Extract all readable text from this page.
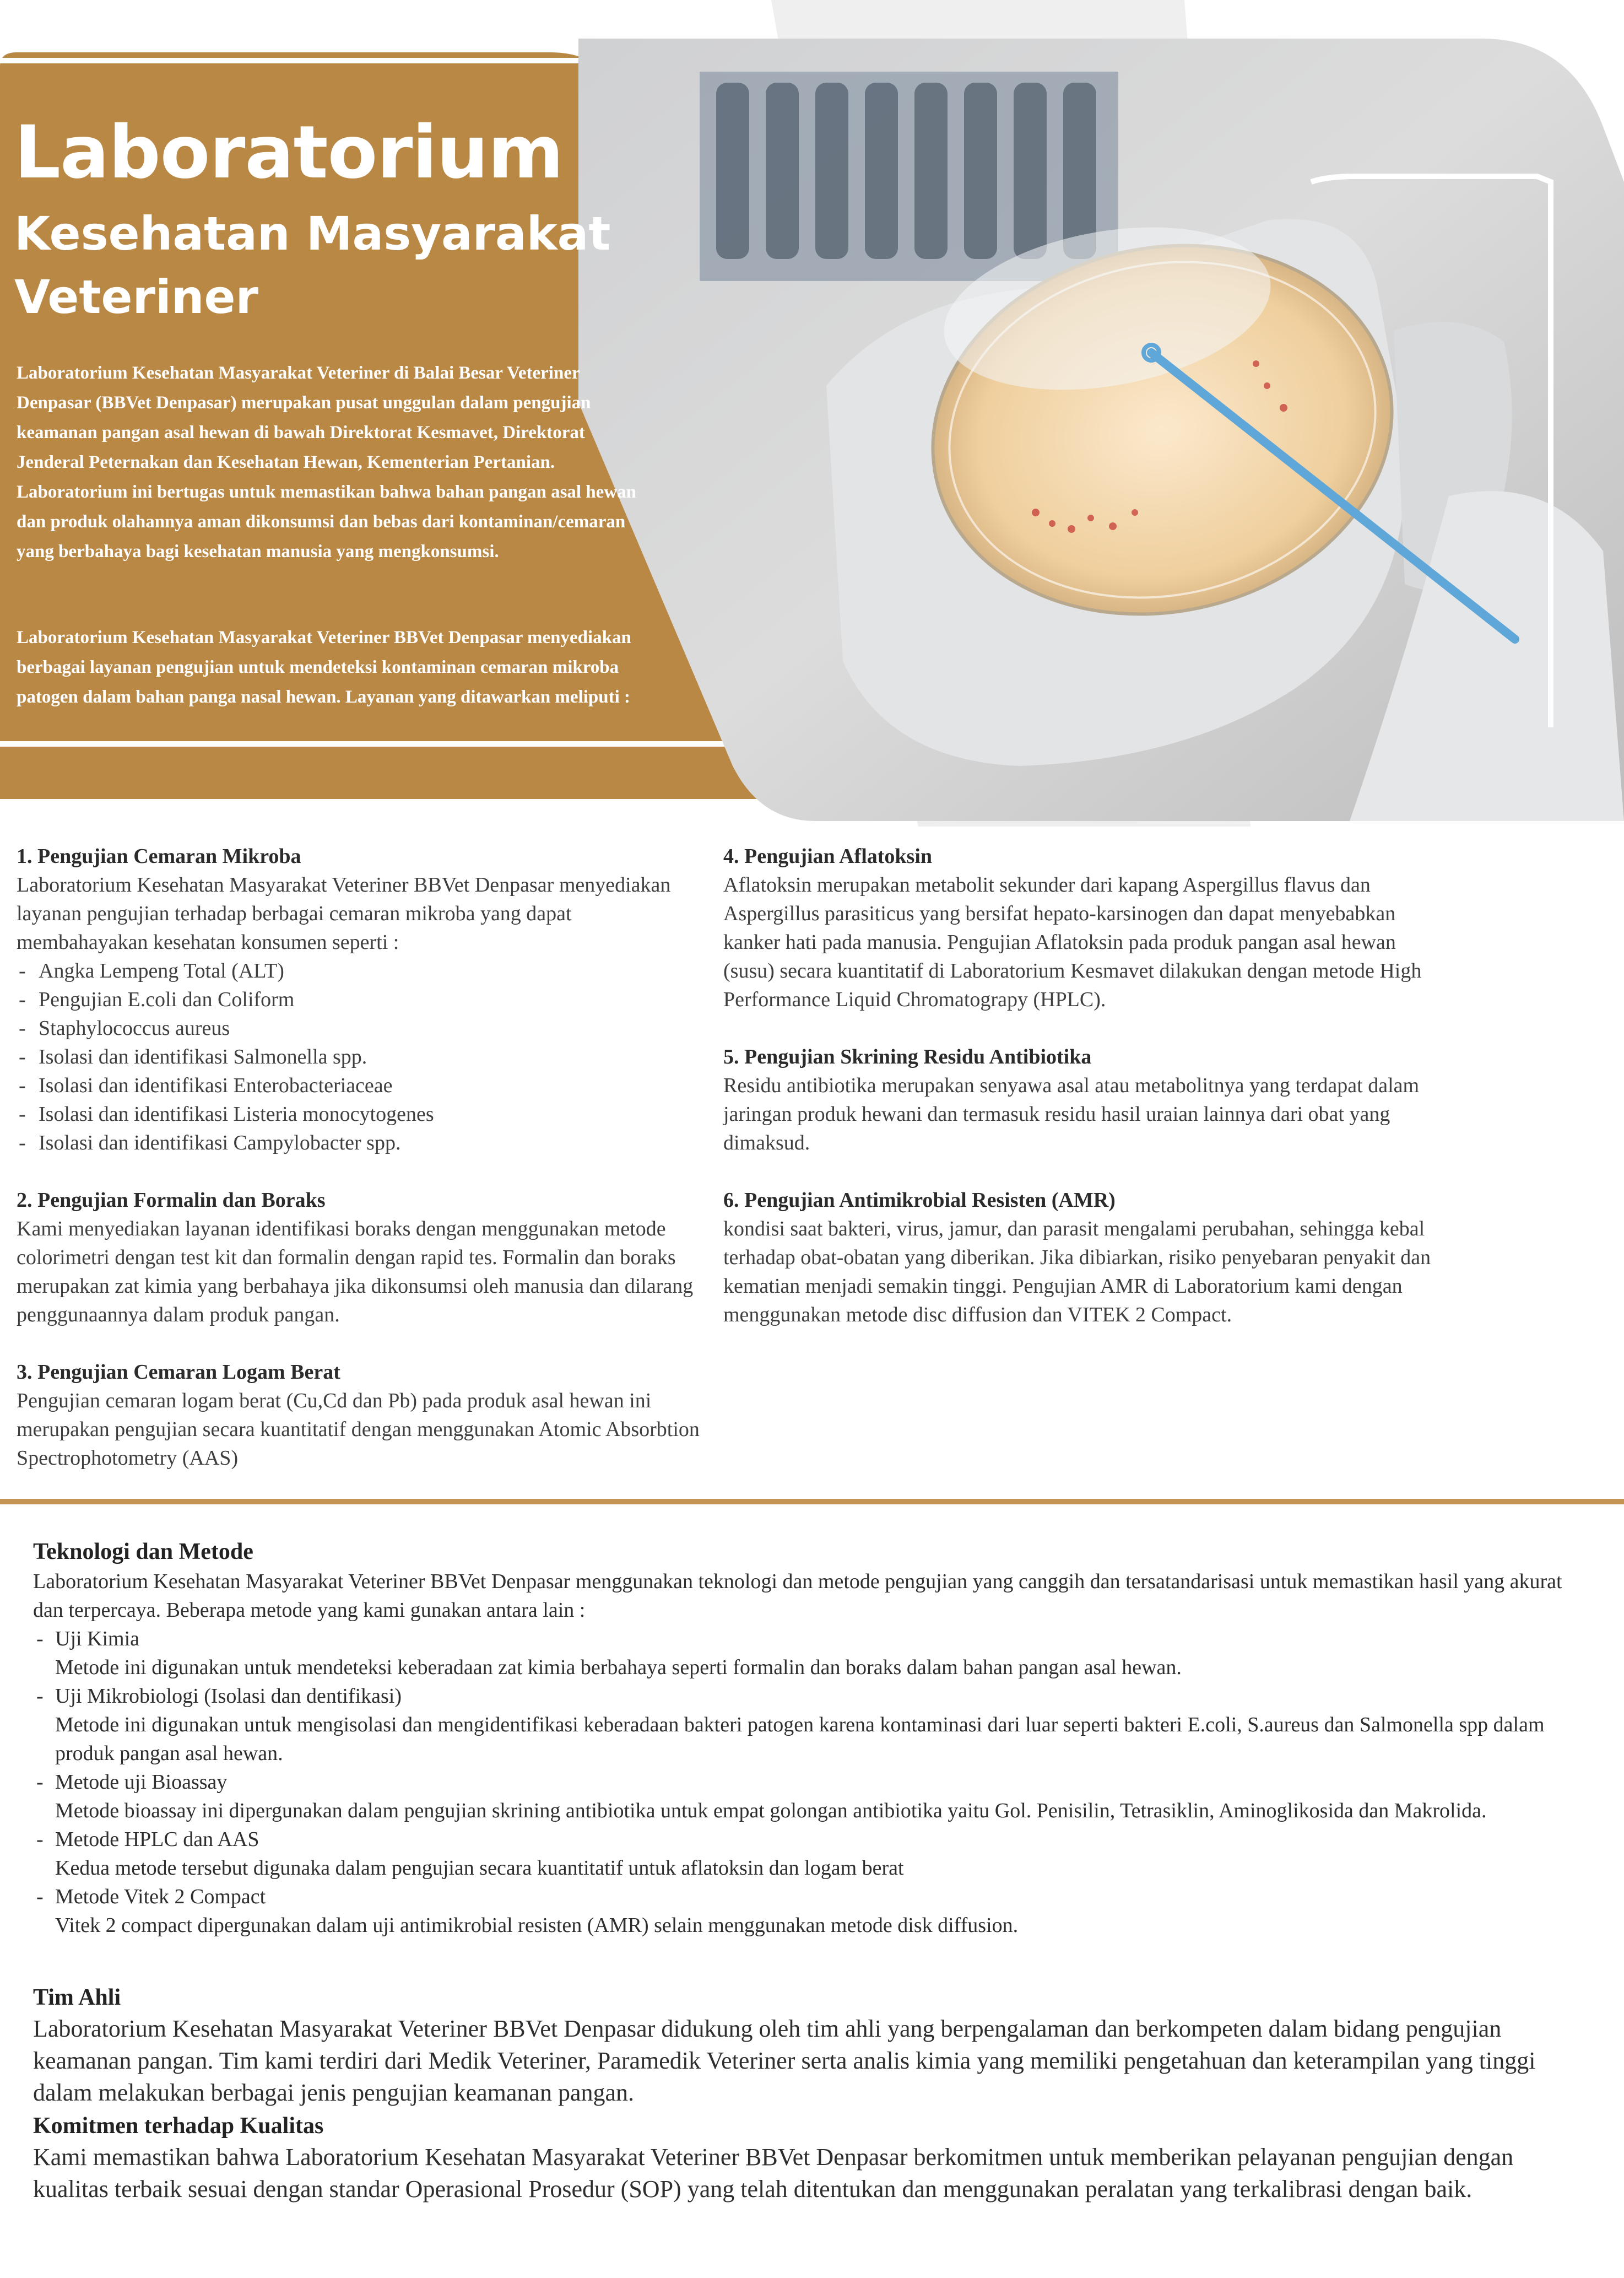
Laboratorium
Kesehatan Masyarakat
Veteriner
Laboratorium Kesehatan Masyarakat Veteriner di Balai Besar Veteriner Denpasar (BBVet Denpasar) merupakan pusat unggulan dalam pengujian keamanan pangan asal hewan di bawah Direktorat Kesmavet, Direktorat Jenderal Peternakan dan Kesehatan Hewan, Kementerian Pertanian. Laboratorium ini bertugas untuk memastikan bahwa bahan pangan asal hewan dan produk olahannya aman dikonsumsi dan bebas dari kontaminan/cemaran yang berbahaya bagi kesehatan manusia yang mengkonsumsi.
Laboratorium Kesehatan Masyarakat Veteriner BBVet Denpasar menyediakan berbagai layanan pengujian untuk mendeteksi kontaminan cemaran mikroba patogen dalam bahan panga nasal hewan. Layanan yang ditawarkan meliputi :
1. Pengujian Cemaran Mikroba
Laboratorium Kesehatan Masyarakat Veteriner BBVet Denpasar menyediakan layanan pengujian terhadap berbagai cemaran mikroba yang dapat membahayakan kesehatan konsumen seperti :
- Angka Lempeng Total (ALT)
- Pengujian E.coli dan Coliform
- Staphylococcus aureus
- Isolasi dan identifikasi Salmonella spp.
- Isolasi dan identifikasi Enterobacteriaceae
- Isolasi dan identifikasi Listeria monocytogenes
- Isolasi dan identifikasi Campylobacter spp.
2. Pengujian Formalin dan Boraks
Kami menyediakan layanan identifikasi boraks dengan menggunakan metode colorimetri dengan test kit dan formalin dengan rapid tes. Formalin dan boraks merupakan zat kimia yang berbahaya jika dikonsumsi oleh manusia dan dilarang penggunaannya dalam produk pangan.
3. Pengujian Cemaran Logam Berat
Pengujian cemaran logam berat (Cu,Cd dan Pb) pada produk asal hewan ini merupakan pengujian secara kuantitatif dengan menggunakan Atomic Absorbtion Spectrophotometry (AAS)
4. Pengujian Aflatoksin
Aflatoksin merupakan metabolit sekunder dari kapang Aspergillus flavus dan Aspergillus parasiticus yang bersifat hepato-karsinogen dan dapat menyebabkan kanker hati pada manusia. Pengujian Aflatoksin pada produk pangan asal hewan (susu) secara kuantitatif di Laboratorium Kesmavet dilakukan dengan metode High Performance Liquid Chromatograpy (HPLC).
5. Pengujian Skrining Residu Antibiotika
Residu antibiotika merupakan senyawa asal atau metabolitnya yang terdapat dalam jaringan produk hewani dan termasuk residu hasil uraian lainnya dari obat yang dimaksud.
6. Pengujian Antimikrobial Resisten (AMR)
kondisi saat bakteri, virus, jamur, dan parasit mengalami perubahan, sehingga kebal terhadap obat-obatan yang diberikan. Jika dibiarkan, risiko penyebaran penyakit dan kematian menjadi semakin tinggi. Pengujian AMR di Laboratorium kami dengan menggunakan metode disc diffusion dan VITEK 2 Compact.
Teknologi dan Metode
Laboratorium Kesehatan Masyarakat Veteriner BBVet Denpasar menggunakan teknologi dan metode pengujian yang canggih dan tersatandarisasi untuk memastikan hasil yang akurat dan terpercaya. Beberapa metode yang kami gunakan antara lain :
- Uji Kimia
Metode ini digunakan untuk mendeteksi keberadaan zat kimia berbahaya seperti formalin dan boraks dalam bahan pangan asal hewan.
- Uji Mikrobiologi (Isolasi dan dentifikasi)
Metode ini digunakan untuk mengisolasi dan mengidentifikasi keberadaan bakteri patogen karena kontaminasi dari luar seperti bakteri E.coli, S.aureus dan Salmonella spp dalam produk pangan asal hewan.
- Metode uji Bioassay
Metode bioassay ini dipergunakan dalam pengujian skrining antibiotika untuk empat golongan antibiotika yaitu Gol. Penisilin, Tetrasiklin, Aminoglikosida dan Makrolida.
- Metode HPLC dan AAS
Kedua metode tersebut digunaka dalam pengujian secara kuantitatif untuk aflatoksin dan logam berat
- Metode Vitek 2 Compact
Vitek 2 compact dipergunakan dalam uji antimikrobial resisten (AMR) selain menggunakan metode disk diffusion.
Tim Ahli
Laboratorium Kesehatan Masyarakat Veteriner BBVet Denpasar didukung oleh tim ahli yang berpengalaman dan berkompeten dalam bidang pengujian keamanan pangan. Tim kami terdiri dari Medik Veteriner, Paramedik Veteriner serta analis kimia yang memiliki pengetahuan dan keterampilan yang tinggi dalam melakukan berbagai jenis pengujian keamanan pangan.
Komitmen terhadap Kualitas
Kami memastikan bahwa Laboratorium Kesehatan Masyarakat Veteriner BBVet Denpasar berkomitmen untuk memberikan pelayanan pengujian dengan kualitas terbaik sesuai dengan standar Operasional Prosedur (SOP) yang telah ditentukan dan menggunakan peralatan yang terkalibrasi dengan baik.
